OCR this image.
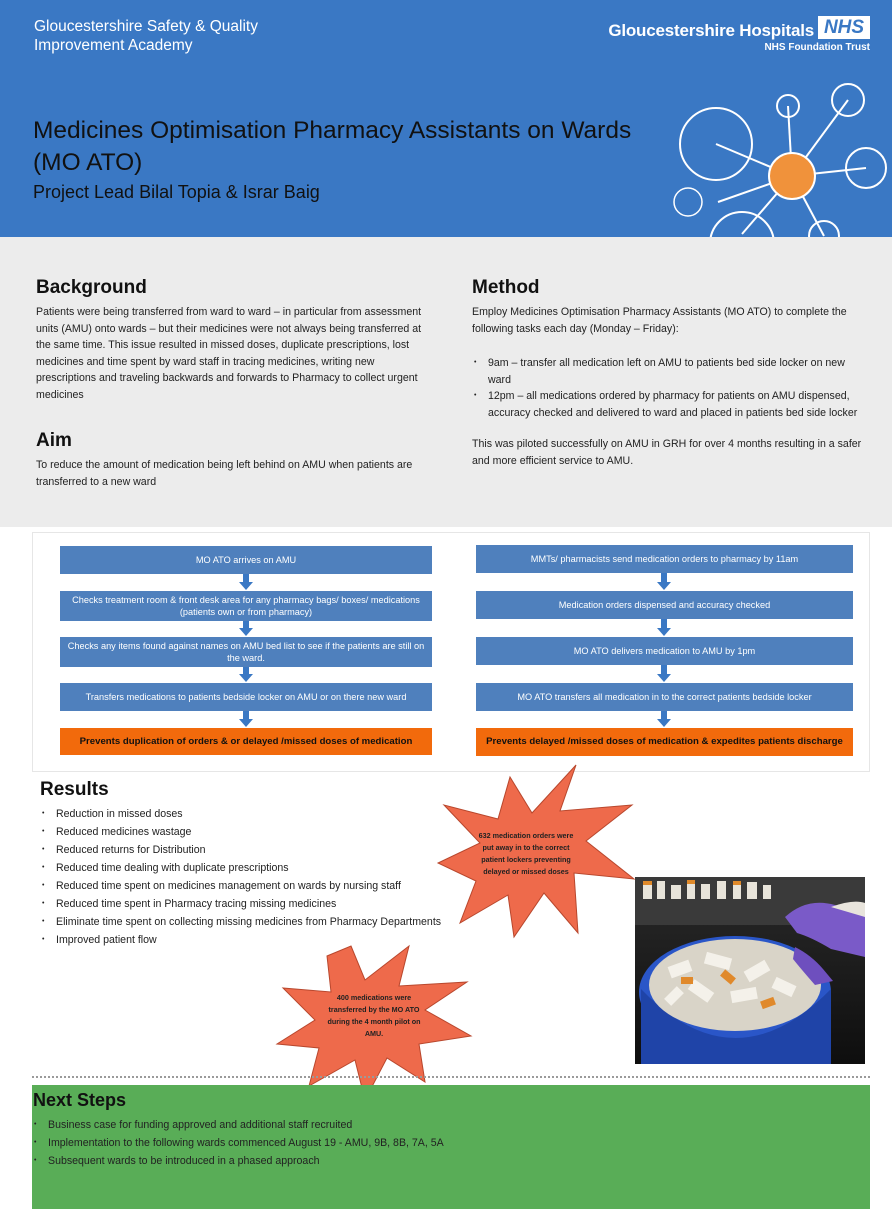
Gloucestershire Safety & Quality Improvement Academy
Gloucestershire Hospitals NHS
NHS Foundation Trust
Medicines Optimisation Pharmacy Assistants on Wards (MO ATO)
Project Lead Bilal Topia & Israr Baig
Background

Patients were being transferred from ward to ward – in particular from assessment units (AMU) onto wards – but their medicines were not always being transferred at the same time. This issue resulted in missed doses, duplicate prescriptions, lost medicines and time spent by ward staff in tracing medicines, writing new prescriptions and traveling backwards and forwards to Pharmacy to collect urgent medicines

Aim

To reduce the amount of medication being left behind on AMU when patients are transferred to a new ward

Method

Employ Medicines Optimisation Pharmacy Assistants (MO ATO) to complete the following tasks each day (Monday – Friday):

• 9am – transfer all medication left on AMU to patients bed side locker on new ward
• 12pm – all medications ordered by pharmacy for patients on AMU dispensed, accuracy checked and delivered to ward and placed in patients bed side locker

This was piloted successfully on AMU in GRH for over 4 months resulting in a safer and more efficient service to AMU.

MO ATO arrives on AMU
Checks treatment room & front desk area for any pharmacy bags/ boxes/ medications (patients own or from pharmacy)
Checks any items found against names on AMU bed list to see if the patients are still on the ward.
Transfers medications to patients bedside locker on AMU or on there new ward
Prevents duplication of orders & or delayed /missed doses of medication
MMTs/ pharmacists send medication orders to pharmacy by 11am
Medication orders dispensed and accuracy checked
MO ATO delivers medication to AMU by 1pm
MO ATO transfers all medication in to the correct patients bedside locker
Prevents delayed /missed doses of medication & expedites patients discharge
Results
• Reduction in missed doses
• Reduced medicines wastage
• Reduced returns for Distribution
• Reduced time dealing with duplicate prescriptions
• Reduced time spent on medicines management on wards by nursing staff
• Reduced time spent in Pharmacy tracing missing medicines
• Eliminate time spent on collecting missing medicines from Pharmacy Departments
• Improved patient flow
632 medication orders were put away in to the correct patient lockers preventing delayed or missed doses
400 medications were transferred by the MO ATO during the 4 month pilot on AMU.
Next Steps
• Business case for funding approved and additional staff recruited
• Implementation to the following wards commenced August 19 - AMU, 9B, 8B, 7A, 5A
• Subsequent wards to be introduced in a phased approach
